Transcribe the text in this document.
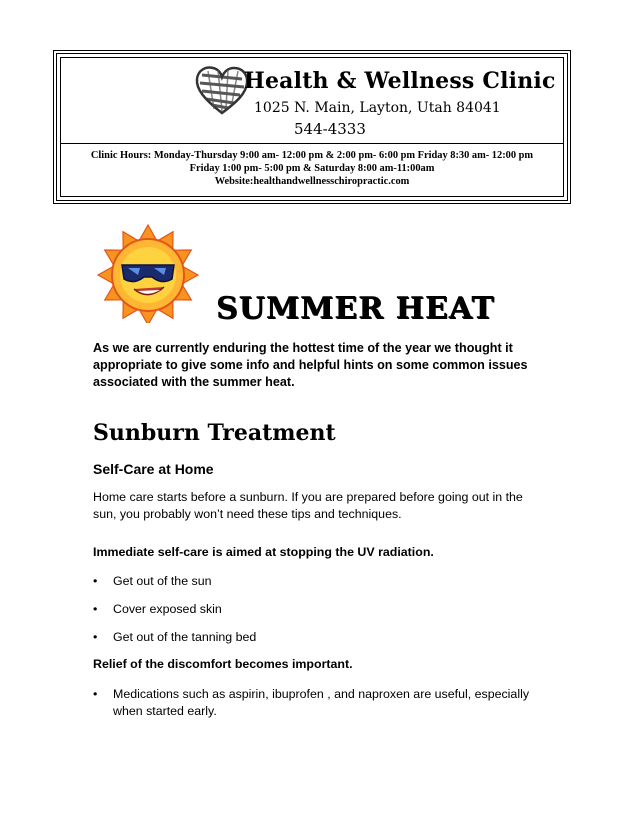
Health & Wellness Clinic
1025 N. Main, Layton, Utah 84041
544-4333
Clinic Hours: Monday-Thursday 9:00 am- 12:00 pm & 2:00 pm- 6:00 pm Friday 8:30 am- 12:00 pm
Friday 1:00 pm- 5:00 pm & Saturday 8:00 am-11:00am
Website:healthandwellnesschiropractic.com
SUMMER HEAT
As we are currently enduring the hottest time of the year we thought it
appropriate to give some info and helpful hints on some common issues
associated with the summer heat.
Sunburn Treatment
Self-Care at Home
Home care starts before a sunburn. If you are prepared before going out in the
sun, you probably won’t need these tips and techniques.
Immediate self-care is aimed at stopping the UV radiation.
•	Get out of the sun
•	Cover exposed skin
•	Get out of the tanning bed
Relief of the discomfort becomes important.
•	Medications such as aspirin, ibuprofen , and naproxen are useful, especially
when started early.
